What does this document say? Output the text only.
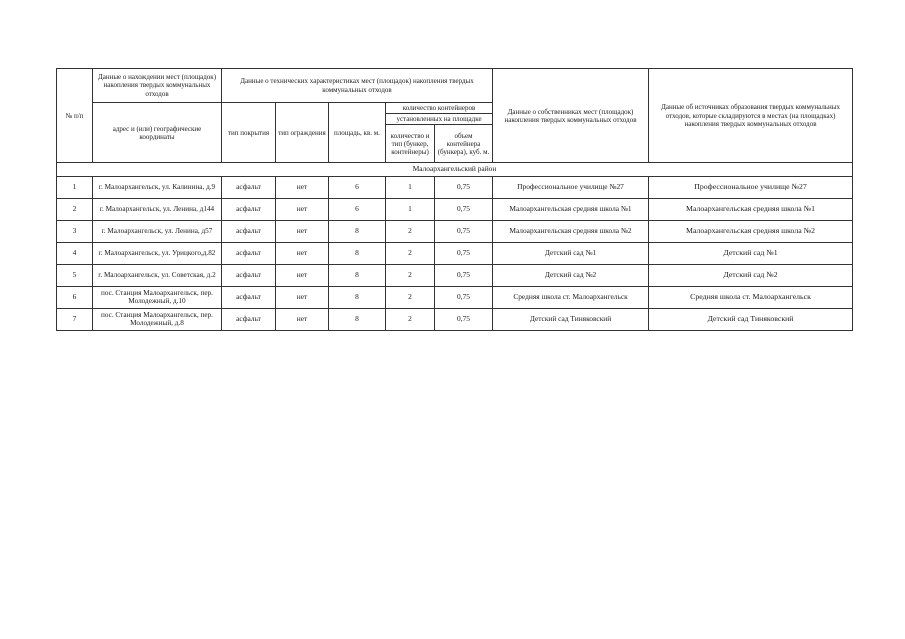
№ п/п	Данные о нахождении мест (площадок) накопления твердых коммунальных отходов	Данные о технических характеристиках мест (площадок) накопления твердых коммунальных отходов					Данные о собственниках мест (площадок) накопления твердых коммунальных отходов	Данные об источниках образования твердых коммунальных отходов, которые складируются в местах (на площадках) накопления твердых коммунальных отходов
	адрес и (или) географические координаты	тип покрытия	тип ограждения	площадь, кв. м.	количество контейнеров			
					установленных на площадке			
					количество и тип (бункер, контейнеры)	объем контейнера (бункера), куб. м.		
Малоархангельский район								
1	г. Малоархангельск, ул. Калинина, д.9	асфальт	нет	6	1	0,75	Профессиональное училище №27	Профессиональное училище №27
2	г. Малоархангельск, ул. Ленина, д144	асфальт	нет	6	1	0,75	Малоархангельская средняя школа №1	Малоархангельская средняя школа №1
3	г. Малоархангельск, ул. Ленина, д57	асфальт	нет	8	2	0,75	Малоархангельская средняя школа №2	Малоархангельская средняя школа №2
4	г. Малоархангельск, ул. Урицкого,д.82	асфальт	нет	8	2	0,75	Детский сад №1	Детский сад №1
5	г. Малоархангельск, ул. Советская, д.2	асфальт	нет	8	2	0,75	Детский сад №2	Детский сад №2
6	пос. Станция Малоархангельск, пер. Молодежный, д.10	асфальт	нет	8	2	0,75	Средняя школа ст. Малоархангельск	Средняя школа ст. Малоархангельск
7	пос. Станция Малоархангельск, пер. Молодежный, д.8	асфальт	нет	8	2	0,75	Детский сад Тиняковский	Детский сад Тиняковский
